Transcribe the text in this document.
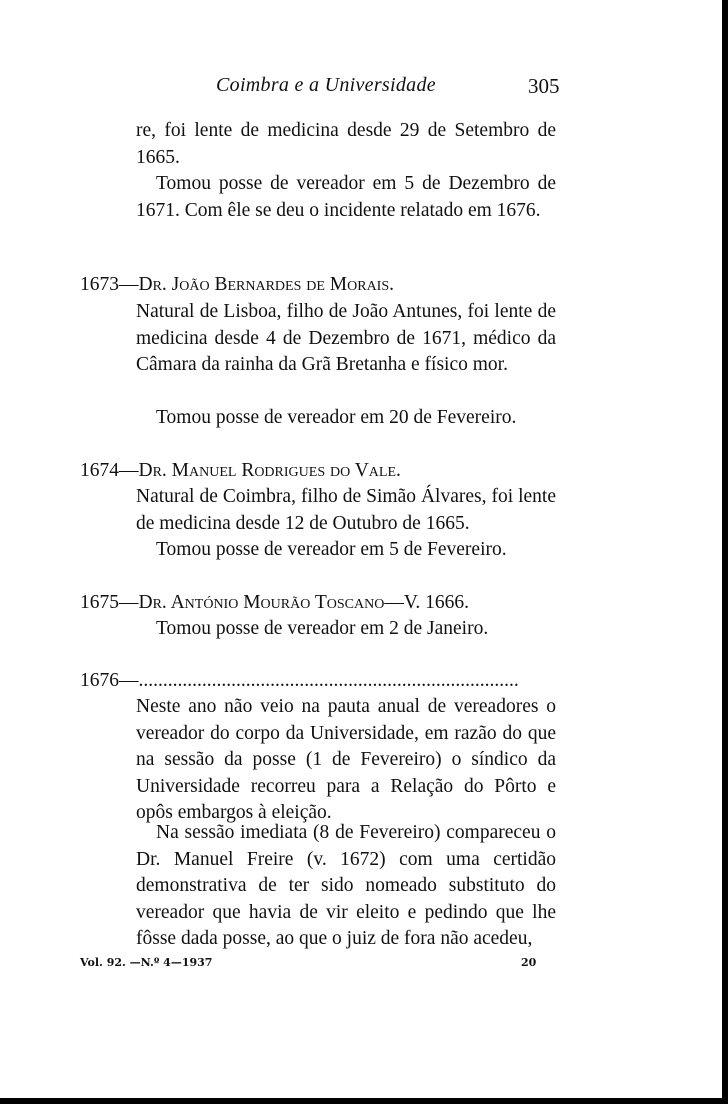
Coimbra e a Universidade	305
re, foi lente de medicina desde 29 de Setembro de 1665.
Tomou posse de vereador em 5 de Dezembro de 1671. Com êle se deu o incidente relatado em 1676.
1673—Dr. João Bernardes de Morais.
Natural de Lisboa, filho de João Antunes, foi lente de medicina desde 4 de Dezembro de 1671, médico da Câmara da rainha da Grã Bretanha e físico mor.
Tomou posse de vereador em 20 de Fevereiro.
1674—Dr. Manuel Rodrigues do Vale.
Natural de Coimbra, filho de Simão Álvares, foi lente de medicina desde 12 de Outubro de 1665.
Tomou posse de vereador em 5 de Fevereiro.
1675—Dr. António Mourão Toscano—V. 1666.
Tomou posse de vereador em 2 de Janeiro.
1676—..............................................................................
Neste ano não veio na pauta anual de vereadores o vereador do corpo da Universidade, em razão do que na sessão da posse (1 de Fevereiro) o síndico da Universidade recorreu para a Relação do Pôrto e opôs embargos à eleição.
Na sessão imediata (8 de Fevereiro) compareceu o Dr. Manuel Freire (v. 1672) com uma certidão demonstrativa de ter sido nomeado substituto do vereador que havia de vir eleito e pedindo que lhe fôsse dada posse, ao que o juiz de fora não acedeu,
Vol. 92. —N.º 4—1937	20
